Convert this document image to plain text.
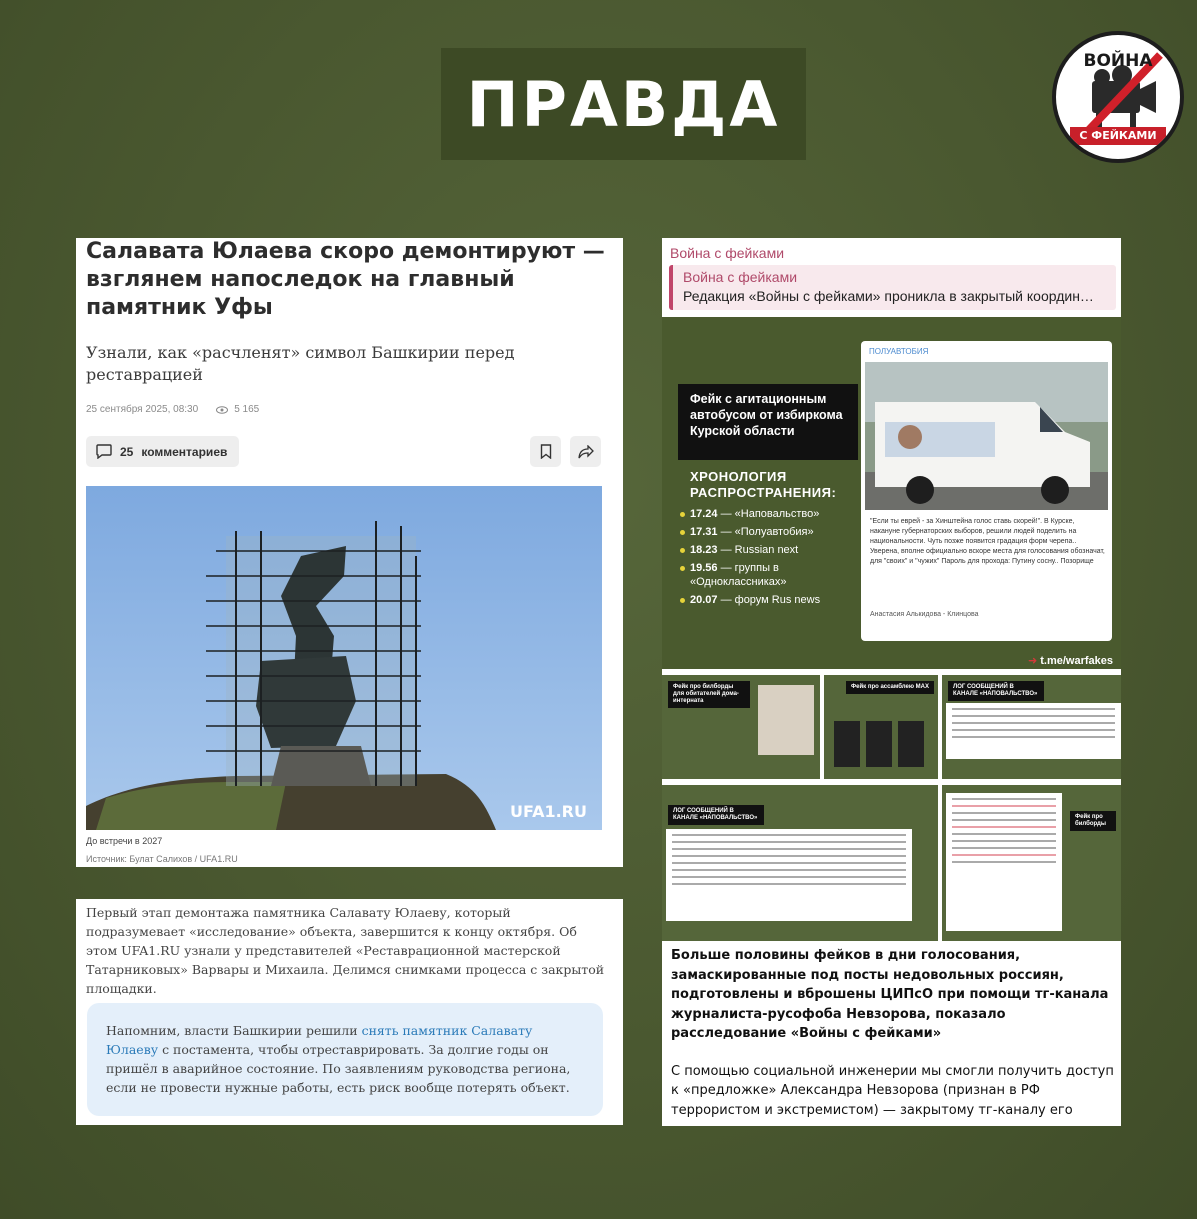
ПРАВДА
ВОЙНА
С ФЕЙКАМИ
Салавата Юлаева скоро демонтируют — взглянем напоследок на главный памятник Уфы
Узнали, как «расчленят» символ Башкирии перед реставрацией
25 сентября 2025, 08:30	5 165
25 комментариев
UFA1.RU
До встречи в 2027
Источник: Булат Салихов / UFA1.RU
Первый этап демонтажа памятника Салавату Юлаеву, который подразумевает «исследование» объекта, завершится к концу октября. Об этом UFA1.RU узнали у представителей «Реставрационной мастерской Татарниковых» Варвары и Михаила. Делимся снимками процесса с закрытой площадки.
Напомним, власти Башкирии решили снять памятник Салавату Юлаеву с постамента, чтобы отреставрировать. За долгие годы он пришёл в аварийное состояние. По заявлениям руководства региона, если не провести нужные работы, есть риск вообще потерять объект.
Война с фейками
Война с фейками
Редакция «Войны с фейками» проникла в закрытый координ…
Фейк с агитационным
автобусом от избиркома
Курской области
ХРОНОЛОГИЯ
РАСПРОСТРАНЕНИЯ:
17.24 — «Наповальство»
17.31 — «Полуавтобия»
18.23 — Russian next
19.56 — группы в «Одноклассниках»
20.07 — форум Rus news
ПОЛУАВТОБИЯ
"Если ты еврей - за Хинштейна голос ставь скорей!". В Курске, накануне губернаторских выборов, решили людей поделить на национальности. Чуть позже появится градация форм черепа.. Уверена, вполне официально вскоре места для голосования обозначат, для "своих" и "чужих" Пароль для прохода: Путину сосну.. Позорище
Анастасия Алькидова - Клинцова
➜ t.me/warfakes
Фейк про билборды для обитателей дома-интерната
Фейк про ассамблею МАХ	ЛОГ СООБЩЕНИЙ В КАНАЛЕ «НАПОВАЛЬСТВО»
ЛОГ СООБЩЕНИЙ В КАНАЛЕ «НАПОВАЛЬСТВО»	Фейк про билборды
Больше половины фейков в дни голосования, замаскированные под посты недовольных россиян, подготовлены и вброшены ЦИПсО при помощи тг-канала журналиста-русофоба Невзорова, показало расследование «Войны с фейками»
С помощью социальной инженерии мы смогли получить доступ к «предложке» Александра Невзорова (признан в РФ террористом и экстремистом) — закрытому тг-каналу его
